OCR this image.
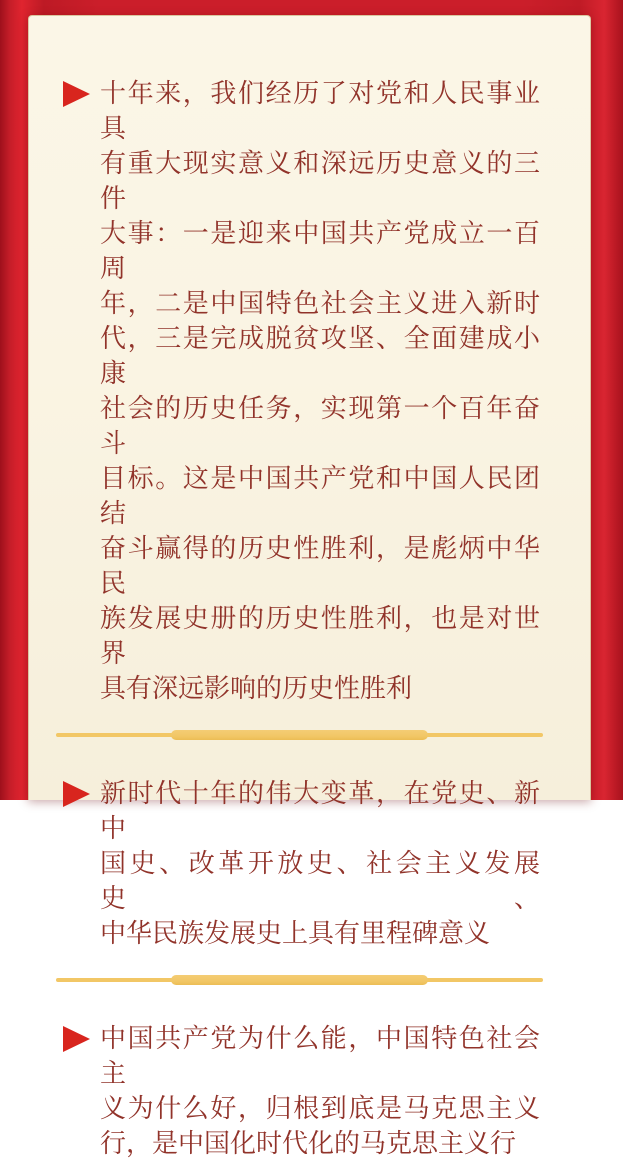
十年来，我们经历了对党和人民事业具
有重大现实意义和深远历史意义的三件
大事：一是迎来中国共产党成立一百周
年，二是中国特色社会主义进入新时
代，三是完成脱贫攻坚、全面建成小康
社会的历史任务，实现第一个百年奋斗
目标。这是中国共产党和中国人民团结
奋斗赢得的历史性胜利，是彪炳中华民
族发展史册的历史性胜利，也是对世界
具有深远影响的历史性胜利
新时代十年的伟大变革，在党史、新中
国史、改革开放史、社会主义发展史、
中华民族发展史上具有里程碑意义
中国共产党为什么能，中国特色社会主
义为什么好，归根到底是马克思主义
行，是中国化时代化的马克思主义行
